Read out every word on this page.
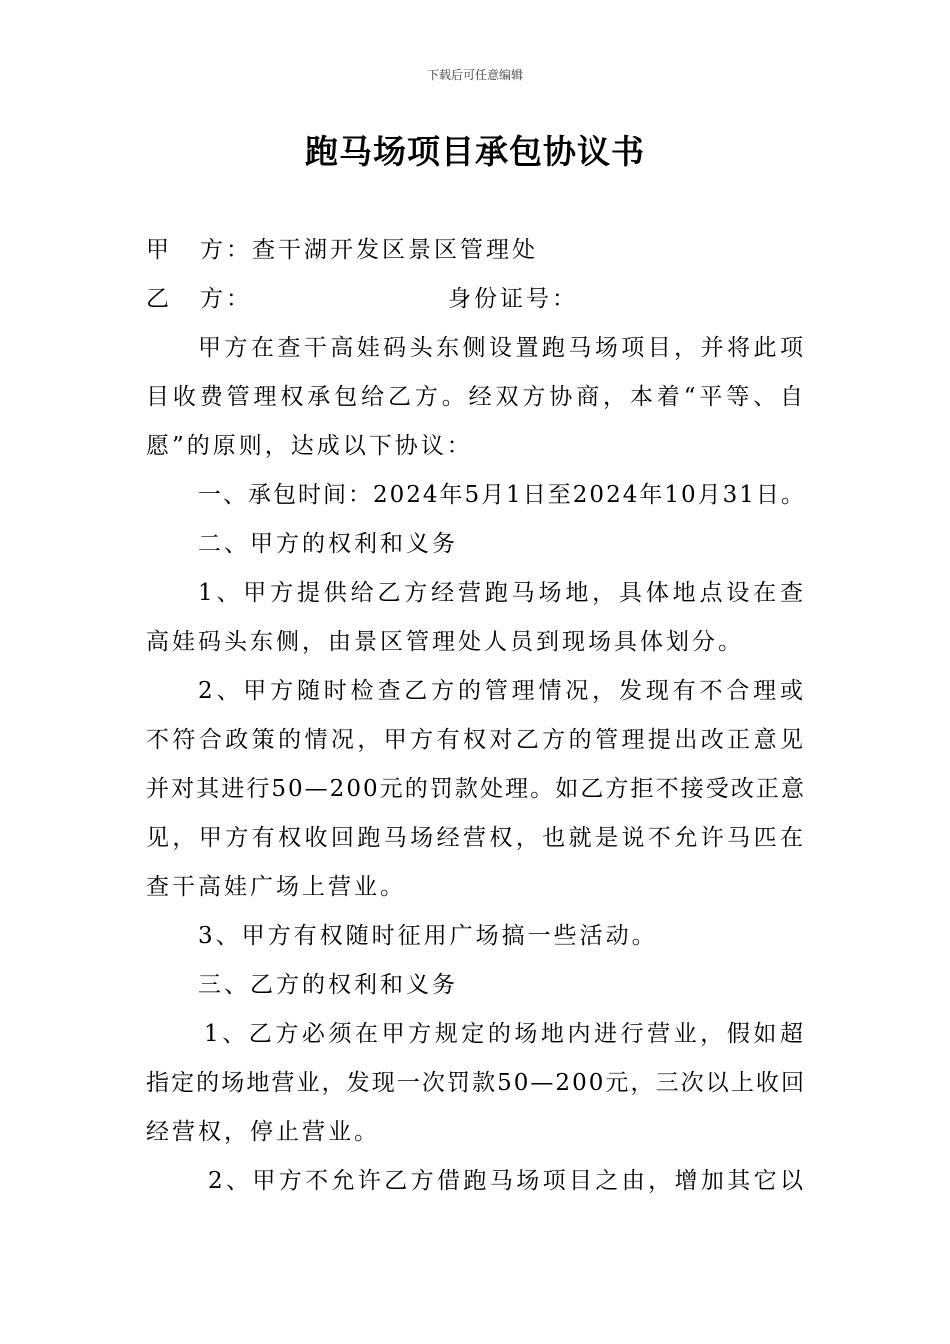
下载后可任意编辑
跑马场项目承包协议书
甲 方：查干湖开发区景区管理处
乙 方：	身份证号：
甲方在查干高娃码头东侧设置跑马场项目，并将此项
目收费管理权承包给乙方。经双方协商，本着“平等、自
愿”的原则，达成以下协议：
一、承包时间：2024年5月1日至2024年10月31日。
二、甲方的权利和义务
1、甲方提供给乙方经营跑马场地，具体地点设在查
高娃码头东侧，由景区管理处人员到现场具体划分。
2、甲方随时检查乙方的管理情况，发现有不合理或
不符合政策的情况，甲方有权对乙方的管理提出改正意见
并对其进行50—200元的罚款处理。如乙方拒不接受改正意
见，甲方有权收回跑马场经营权，也就是说不允许马匹在
查干高娃广场上营业。
3、甲方有权随时征用广场搞一些活动。
三、乙方的权利和义务
1、乙方必须在甲方规定的场地内进行营业，假如超
指定的场地营业，发现一次罚款50—200元，三次以上收回
经营权，停止营业。
2、甲方不允许乙方借跑马场项目之由，增加其它以
